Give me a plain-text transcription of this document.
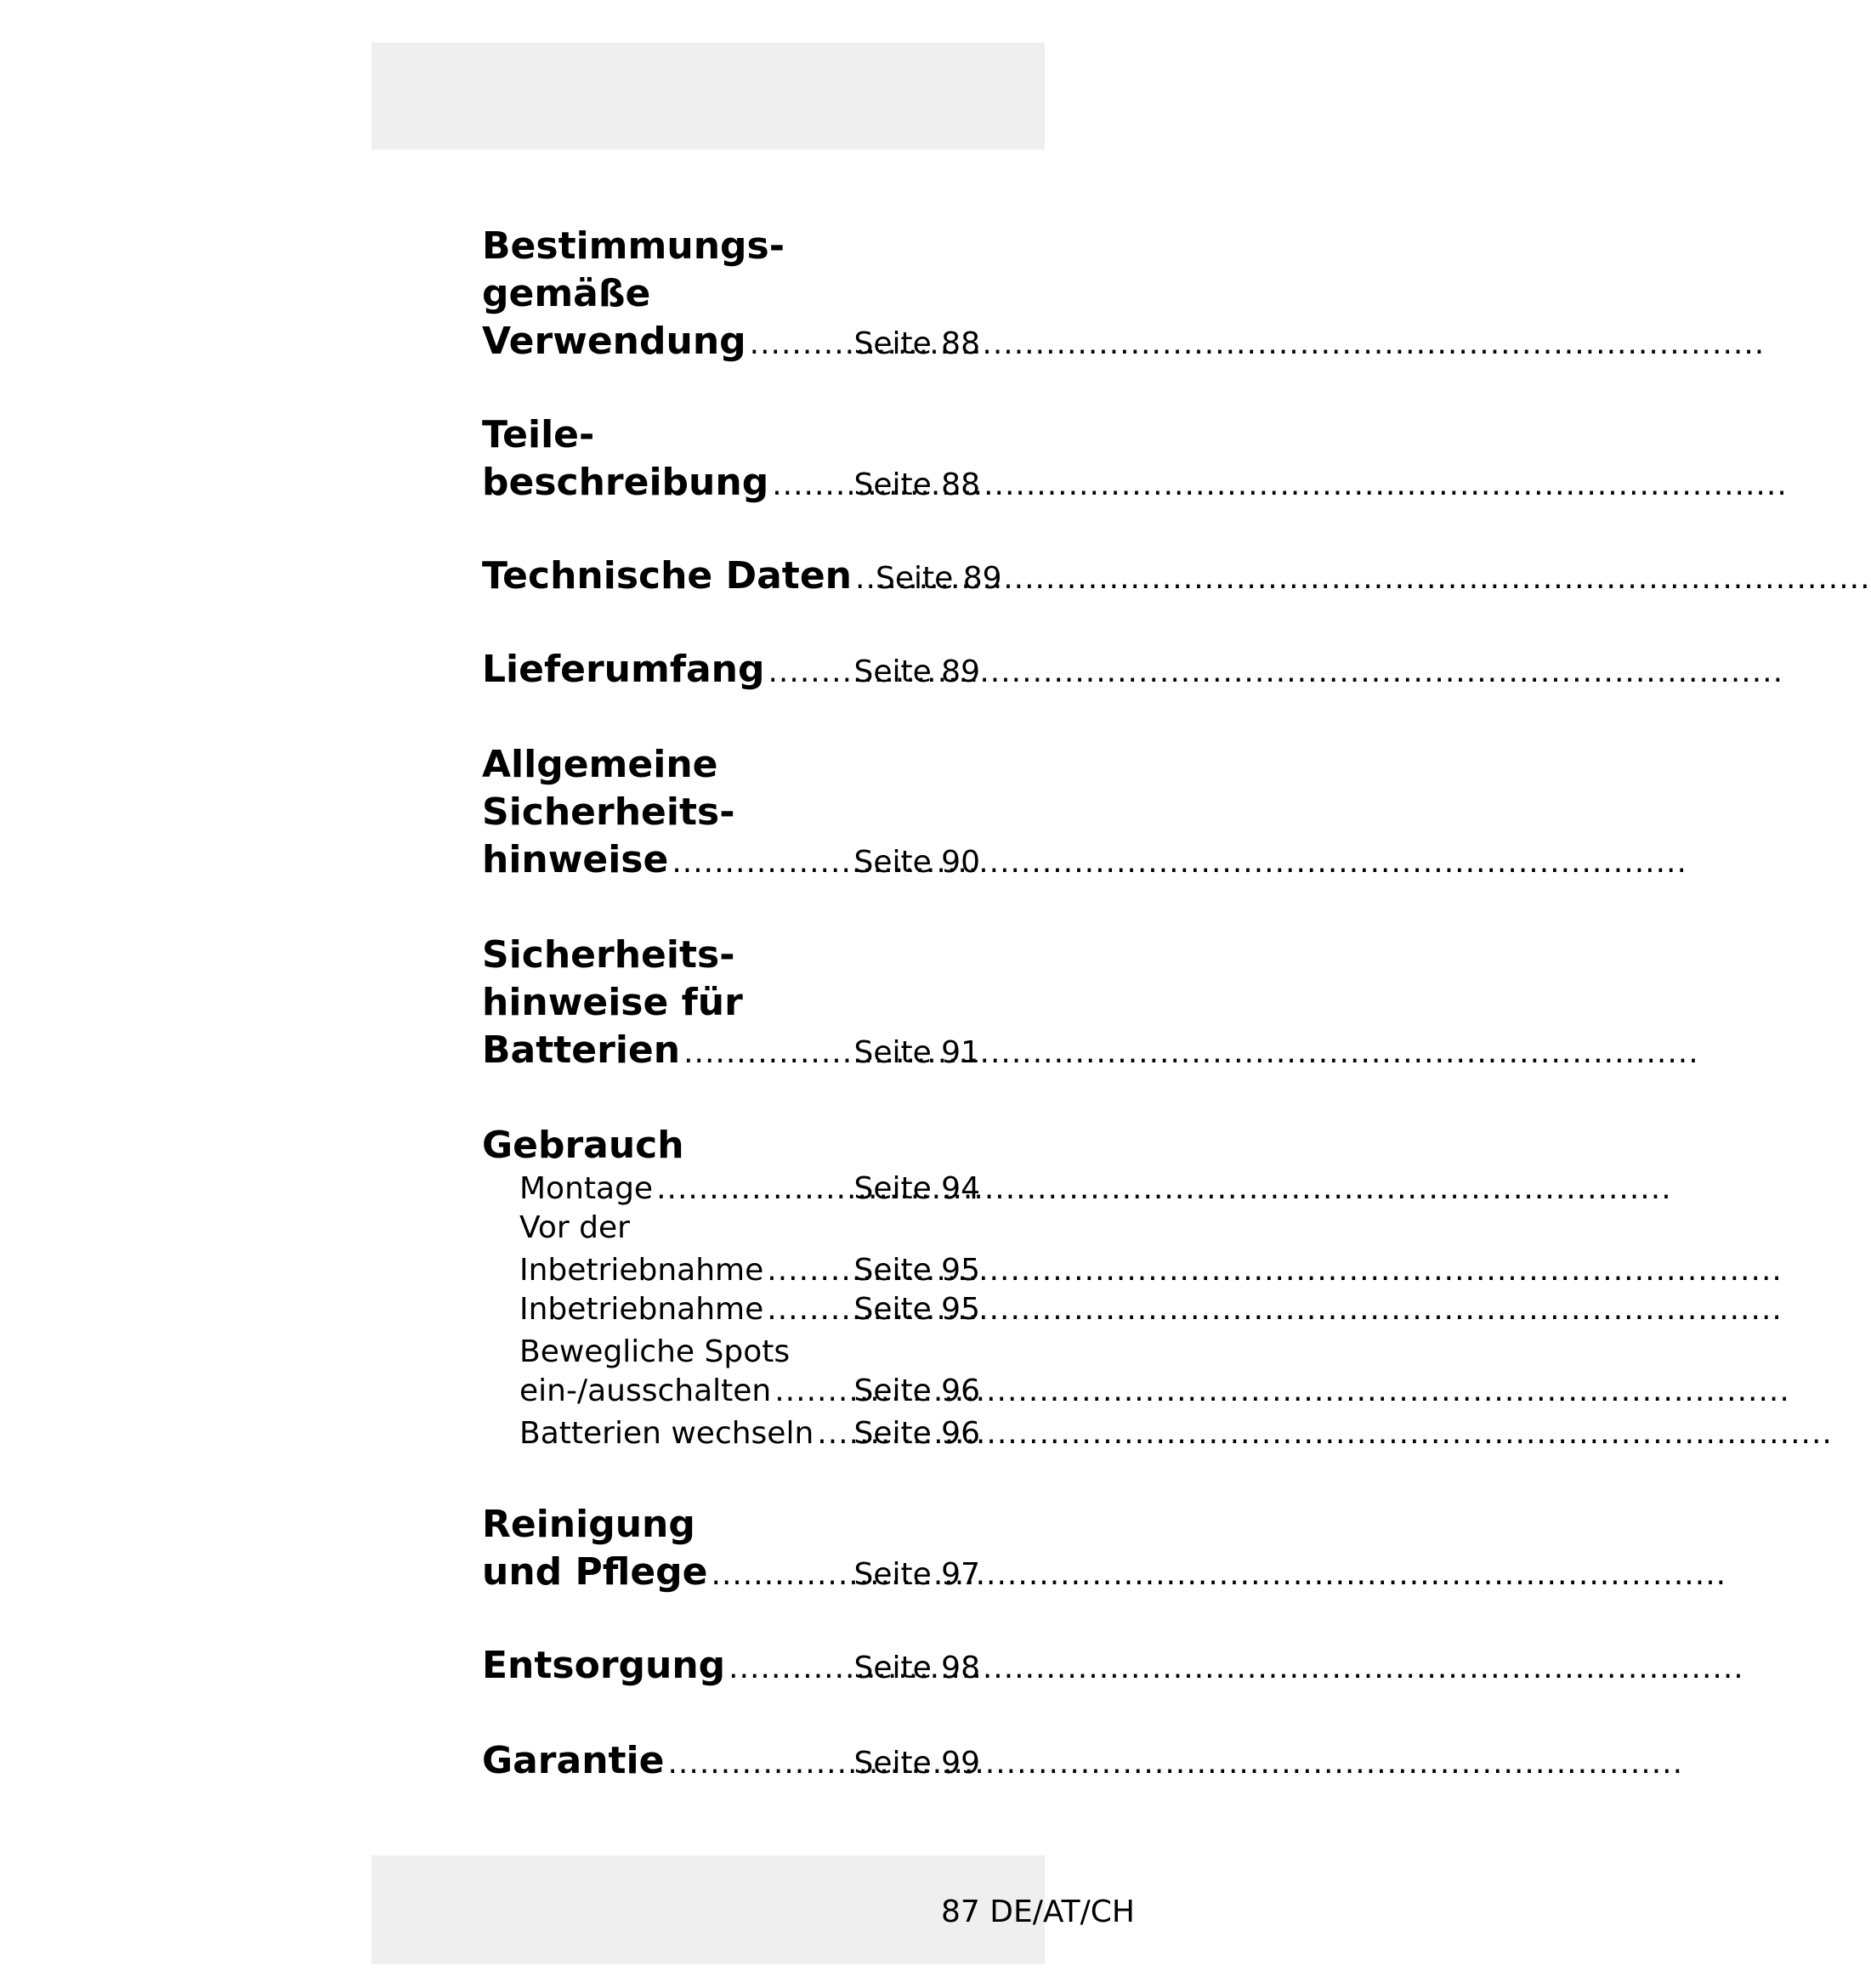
Bestimmungs-
gemäße
Verwendung .....	Seite 88
Teile-
beschreibung .....	Seite 88
Technische Daten ..... Seite 89
Lieferumfang .....	Seite 89
Allgemeine
Sicherheits-
hinweise .....	Seite 90
Sicherheits-
hinweise für
Batterien .....	Seite 91
Gebrauch
Montage .....	Seite 94
Vor der
Inbetriebnahme .....	Seite 95
Inbetriebnahme .....	Seite 95
Bewegliche Spots
ein-/ausschalten .....	Seite 96
Batterien wechseln ..... Seite 96
Reinigung
und Pflege .....	Seite 97
Entsorgung .....	Seite 98
Garantie .....	Seite 99
87 DE/AT/CH
